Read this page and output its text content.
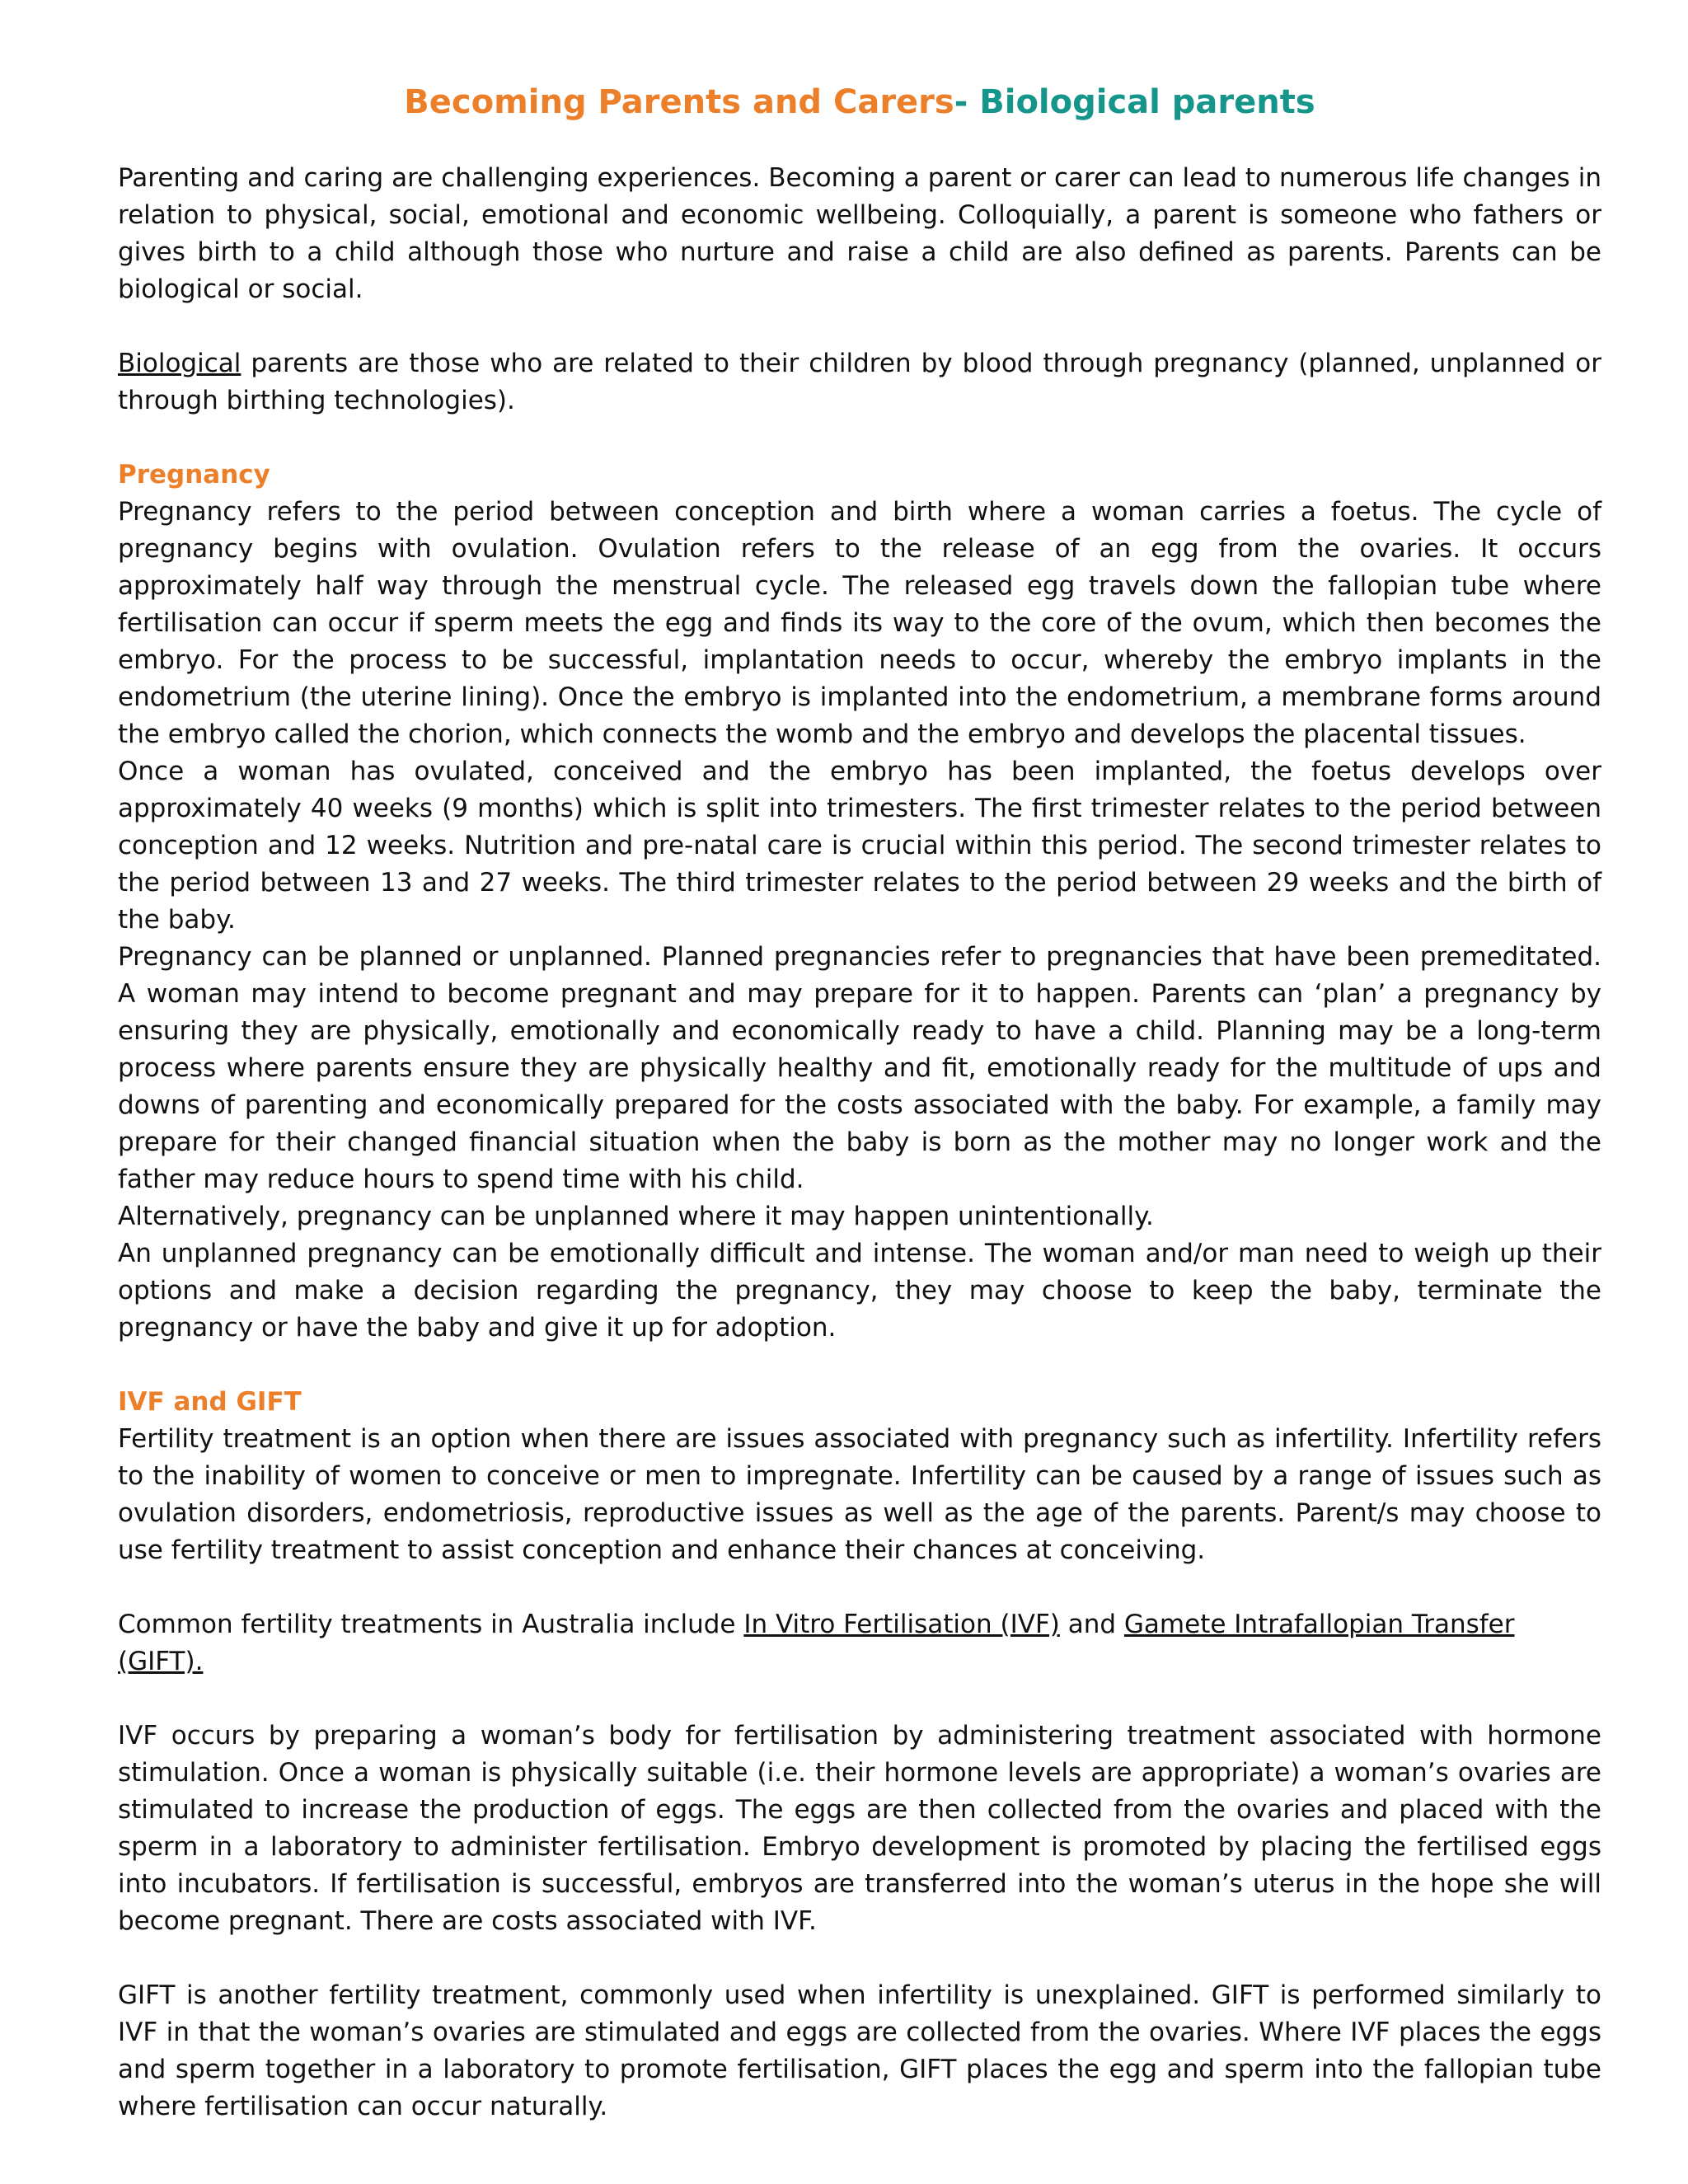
Becoming Parents and Carers- Biological parents

Parenting and caring are challenging experiences. Becoming a parent or carer can lead to numerous life changes in relation to physical, social, emotional and economic wellbeing. Colloquially, a parent is someone who fathers or gives birth to a child although those who nurture and raise a child are also defined as parents. Parents can be biological or social.

Biological parents are those who are related to their children by blood through pregnancy (planned, unplanned or through birthing technologies).

Pregnancy

Pregnancy refers to the period between conception and birth where a woman carries a foetus. The cycle of pregnancy begins with ovulation. Ovulation refers to the release of an egg from the ovaries. It occurs approximately half way through the menstrual cycle. The released egg travels down the fallopian tube where fertilisation can occur if sperm meets the egg and finds its way to the core of the ovum, which then becomes the embryo. For the process to be successful, implantation needs to occur, whereby the embryo implants in the endometrium (the uterine lining). Once the embryo is implanted into the endometrium, a membrane forms around the embryo called the chorion, which connects the womb and the embryo and develops the placental tissues.

Once a woman has ovulated, conceived and the embryo has been implanted, the foetus develops over approximately 40 weeks (9 months) which is split into trimesters. The first trimester relates to the period between conception and 12 weeks. Nutrition and pre-natal care is crucial within this period. The second trimester relates to the period between 13 and 27 weeks. The third trimester relates to the period between 29 weeks and the birth of the baby.

Pregnancy can be planned or unplanned. Planned pregnancies refer to pregnancies that have been premeditated. A woman may intend to become pregnant and may prepare for it to happen. Parents can ‘plan’ a pregnancy by ensuring they are physically, emotionally and economically ready to have a child. Planning may be a long-term process where parents ensure they are physically healthy and fit, emotionally ready for the multitude of ups and downs of parenting and economically prepared for the costs associated with the baby. For example, a family may prepare for their changed financial situation when the baby is born as the mother may no longer work and the father may reduce hours to spend time with his child.

Alternatively, pregnancy can be unplanned where it may happen unintentionally.

An unplanned pregnancy can be emotionally difficult and intense. The woman and/or man need to weigh up their options and make a decision regarding the pregnancy, they may choose to keep the baby, terminate the pregnancy or have the baby and give it up for adoption.

IVF and GIFT

Fertility treatment is an option when there are issues associated with pregnancy such as infertility. Infertility refers to the inability of women to conceive or men to impregnate. Infertility can be caused by a range of issues such as ovulation disorders, endometriosis, reproductive issues as well as the age of the parents. Parent/s may choose to use fertility treatment to assist conception and enhance their chances at conceiving.

Common fertility treatments in Australia include In Vitro Fertilisation (IVF) and Gamete Intrafallopian Transfer (GIFT).

IVF occurs by preparing a woman’s body for fertilisation by administering treatment associated with hormone stimulation. Once a woman is physically suitable (i.e. their hormone levels are appropriate) a woman’s ovaries are stimulated to increase the production of eggs. The eggs are then collected from the ovaries and placed with the sperm in a laboratory to administer fertilisation. Embryo development is promoted by placing the fertilised eggs into incubators. If fertilisation is successful, embryos are transferred into the woman’s uterus in the hope she will become pregnant. There are costs associated with IVF.

GIFT is another fertility treatment, commonly used when infertility is unexplained. GIFT is performed similarly to IVF in that the woman’s ovaries are stimulated and eggs are collected from the ovaries. Where IVF places the eggs and sperm together in a laboratory to promote fertilisation, GIFT places the egg and sperm into the fallopian tube where fertilisation can occur naturally.
